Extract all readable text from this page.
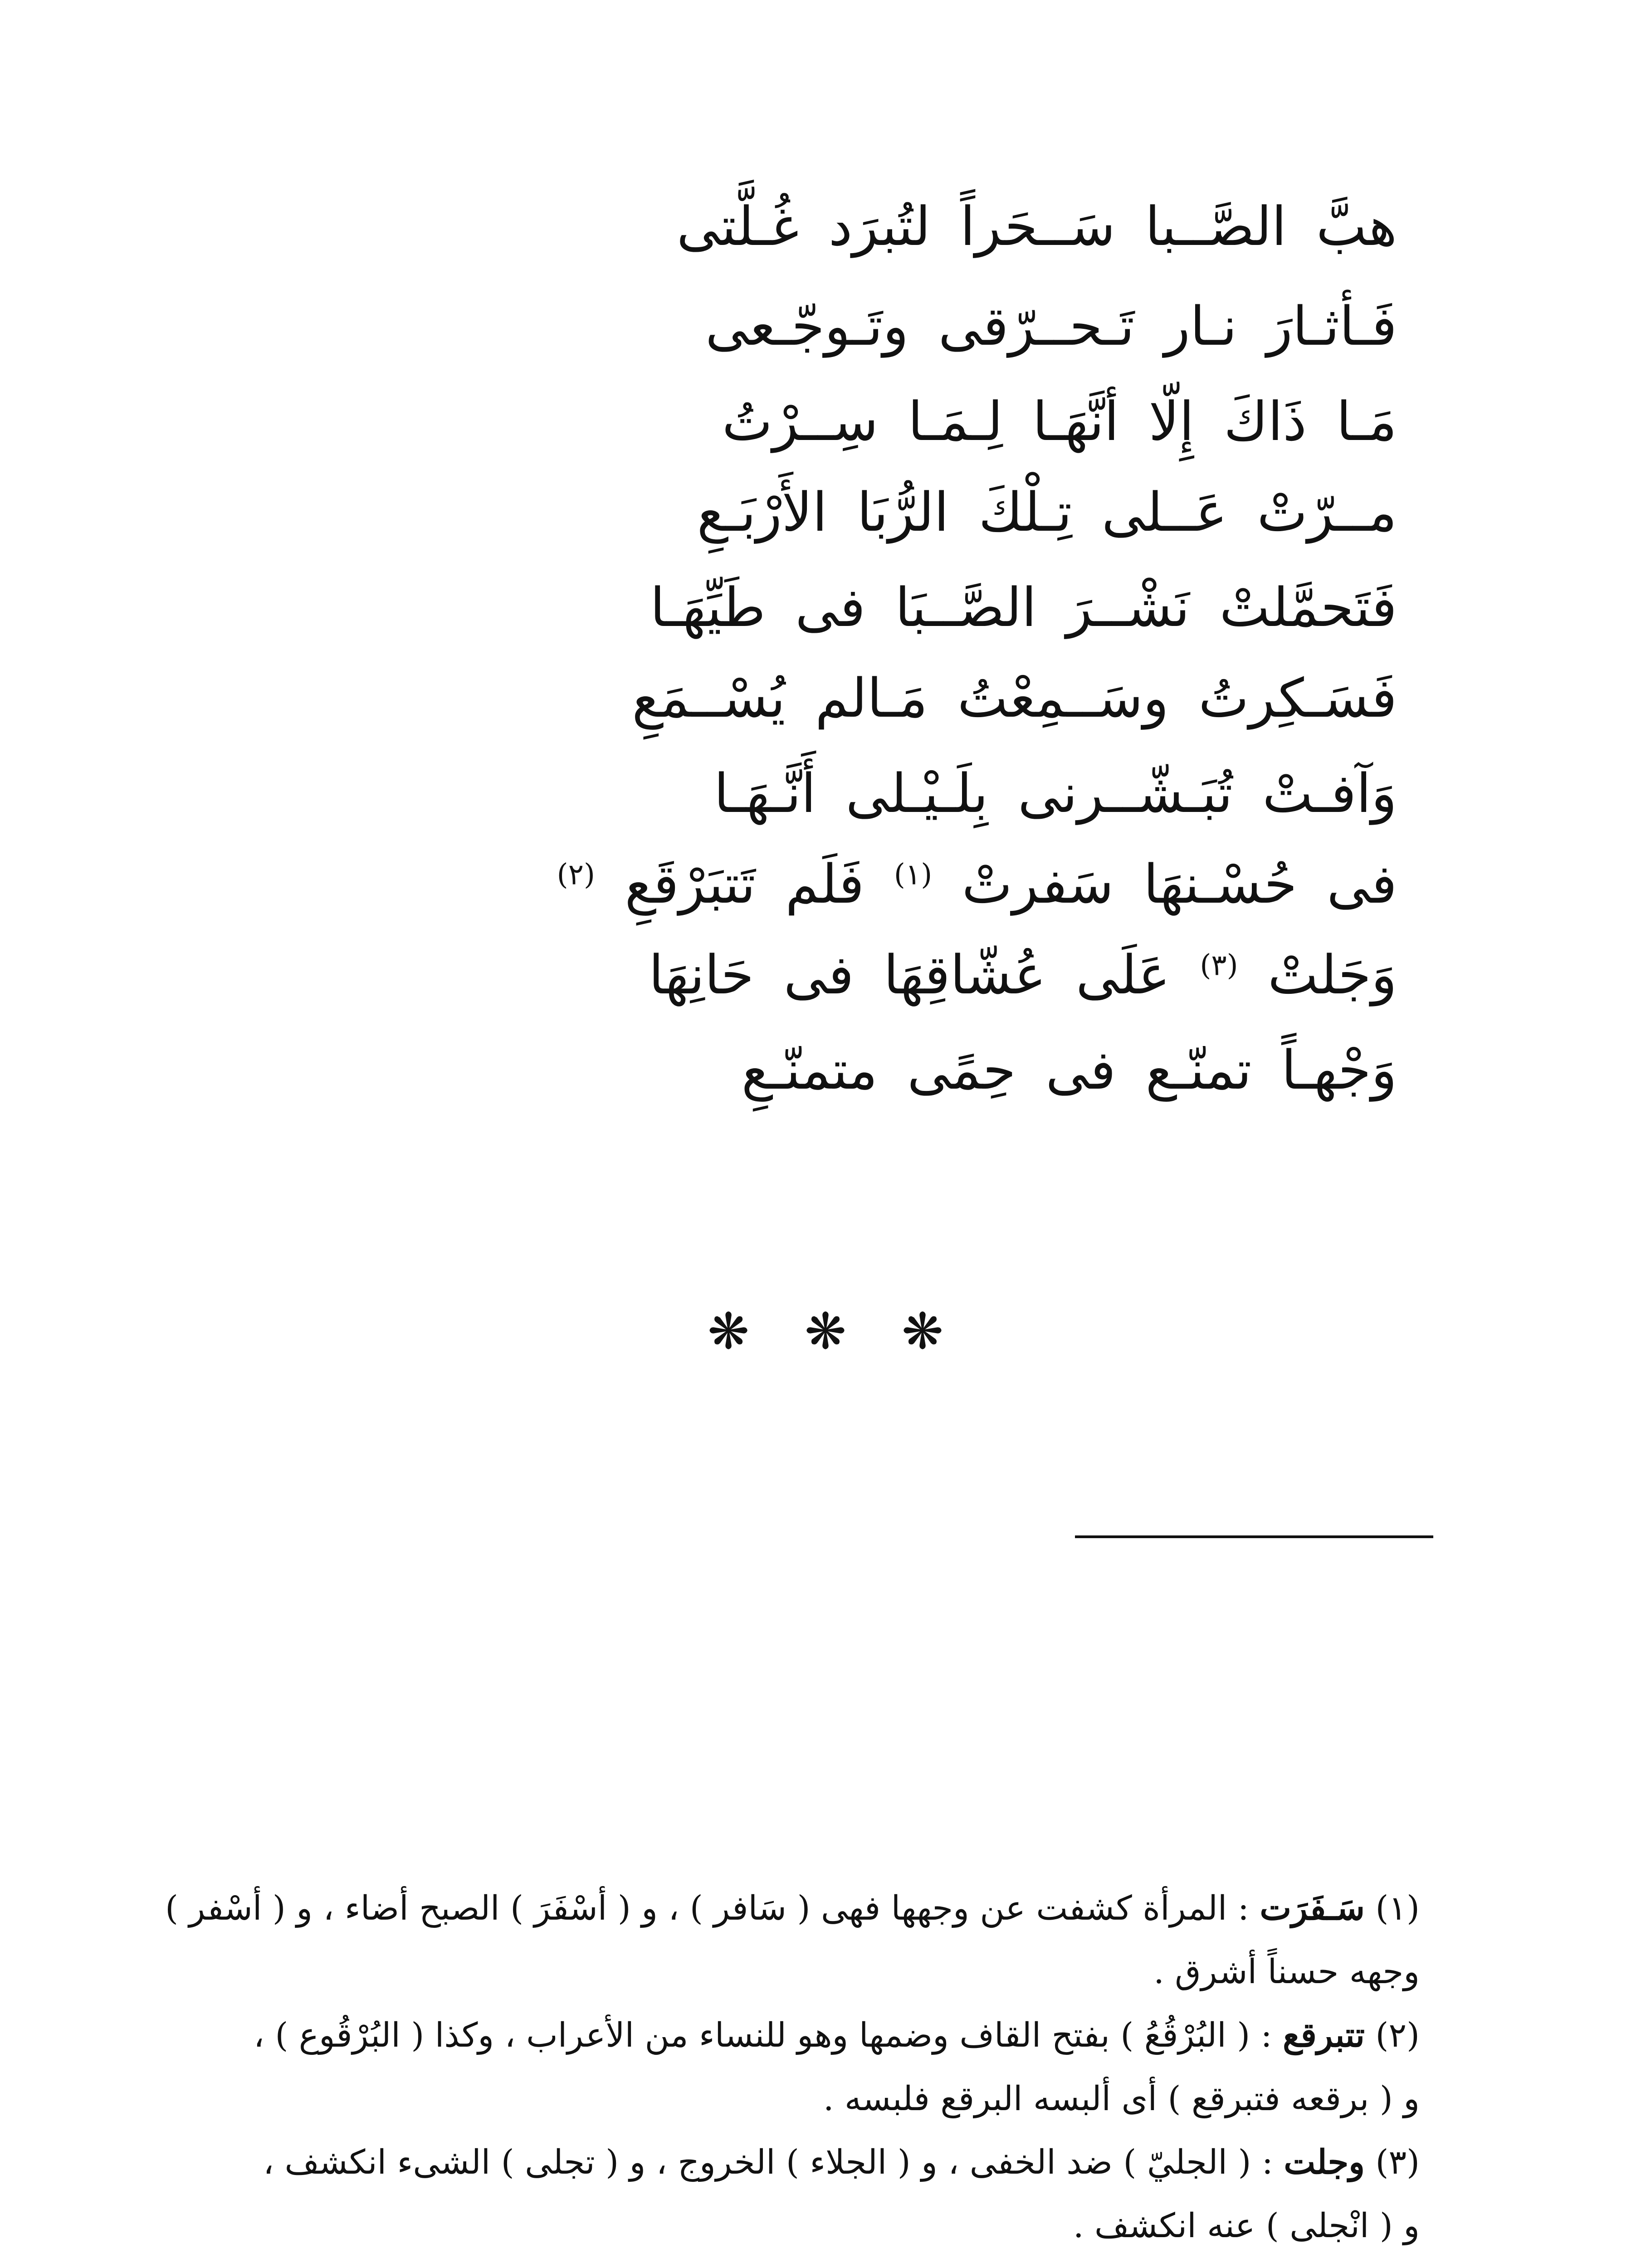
هبَّ الصَّــبا سَــحَراً لتُبرَد غُـلَّتى
فَـأثـارَ نـار تَـحــرّقى وتَـوجّـعى
مَـا ذَاكَ إِلّا أنَّهَـا لِـمَـا سِــرْتُ
مــرّتْ عَــلى تِـلْكَ الرُّبَا الأَرْبَـعِ
فَتَحمَّلتْ نَشْــرَ الصَّــبَا فى طَيِّهَـا
فَسَـكِرتُ وسَــمِعْتُ مَـالم يُسْــمَعِ
وَآفـتْ تُبَـشّــرنى بِلَـيْـلى أَنَّـهَـا
فى حُسْـنهَا سَفرتْ $^{(١)}$ فَلَم تَتبَرْقَعِ $^{(٢)}$
وَجَلتْ $^{(٣)}$ عَلَى عُشّاقِهَا فى حَانِهَا
وَجْهـاً تمنّـع فى حِمًى متمنّـعِ
❋ ❋ ❋
(١) سَـفَرَت : المرأة كشفت عن وجهها فهى ( سَافر ) ، و ( أسْفَرَ ) الصبح أضاء ، و ( أسْفر )
وجهه حسناً أشرق .
(٢) تتبرقع : ( البُرْقُعُ ) بفتح القاف وضمها وهو للنساء من الأعراب ، وكذا ( البُرْقُوع ) ،
و ( برقعه فتبرقع ) أى ألبسه البرقع فلبسه .
(٣) وجلت : ( الجليّ ) ضد الخفى ، و ( الجلاء ) الخروج ، و ( تجلى ) الشىء انكشف ،
و ( انْجلى ) عنه انكشف .
